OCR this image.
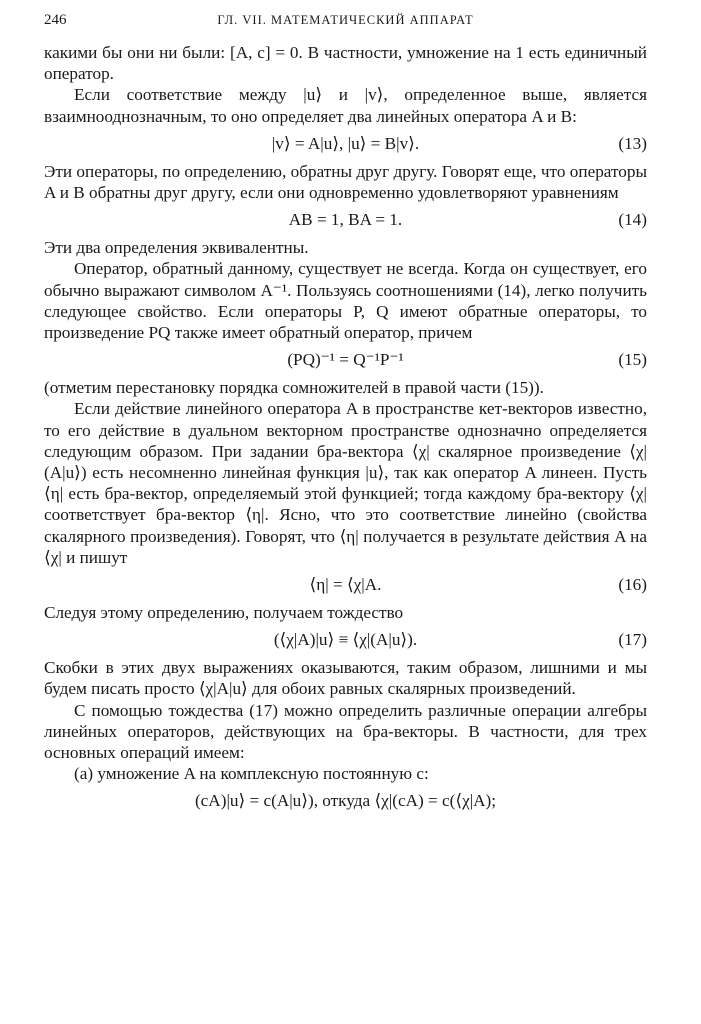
246	ГЛ. VII. МАТЕМАТИЧЕСКИЙ АППАРАТ

какими бы они ни были: [A, c] = 0. В частности, умножение на 1 есть единичный оператор.

Если соответствие между |u⟩ и |v⟩, определенное выше, является взаимнооднозначным, то оно определяет два линейных оператора A и B:

|v⟩ = A|u⟩, |u⟩ = B|v⟩.	(13)

Эти операторы, по определению, обратны друг другу. Говорят еще, что операторы A и B обратны друг другу, если они одновременно удовлетворяют уравнениям

AB = 1, BA = 1.	(14)

Эти два определения эквивалентны.

Оператор, обратный данному, существует не всегда. Когда он существует, его обычно выражают символом A⁻¹. Пользуясь соотношениями (14), легко получить следующее свойство. Если операторы P, Q имеют обратные операторы, то произведение PQ также имеет обратный оператор, причем

(PQ)⁻¹ = Q⁻¹P⁻¹	(15)

(отметим перестановку порядка сомножителей в правой части (15)).

Если действие линейного оператора A в пространстве кет-векторов известно, то его действие в дуальном векторном пространстве однозначно определяется следующим образом. При задании бра-вектора ⟨χ| скалярное произведение ⟨χ|(A|u⟩) есть несомненно линейная функция |u⟩, так как оператор A линеен. Пусть ⟨η| есть бра-вектор, определяемый этой функцией; тогда каждому бра-вектору ⟨χ| соответствует бра-вектор ⟨η|. Ясно, что это соответствие линейно (свойства скалярного произведения). Говорят, что ⟨η| получается в результате действия A на ⟨χ| и пишут

⟨η| = ⟨χ|A.	(16)

Следуя этому определению, получаем тождество

(⟨χ|A)|u⟩ ≡ ⟨χ|(A|u⟩).	(17)

Скобки в этих двух выражениях оказываются, таким образом, лишними и мы будем писать просто ⟨χ|A|u⟩ для обоих равных скалярных произведений.

С помощью тождества (17) можно определить различные операции алгебры линейных операторов, действующих на бра-векторы. В частности, для трех основных операций имеем:

(a) умножение A на комплексную постоянную c:

(cA)|u⟩ = c(A|u⟩), откуда ⟨χ|(cA) = c(⟨χ|A);
